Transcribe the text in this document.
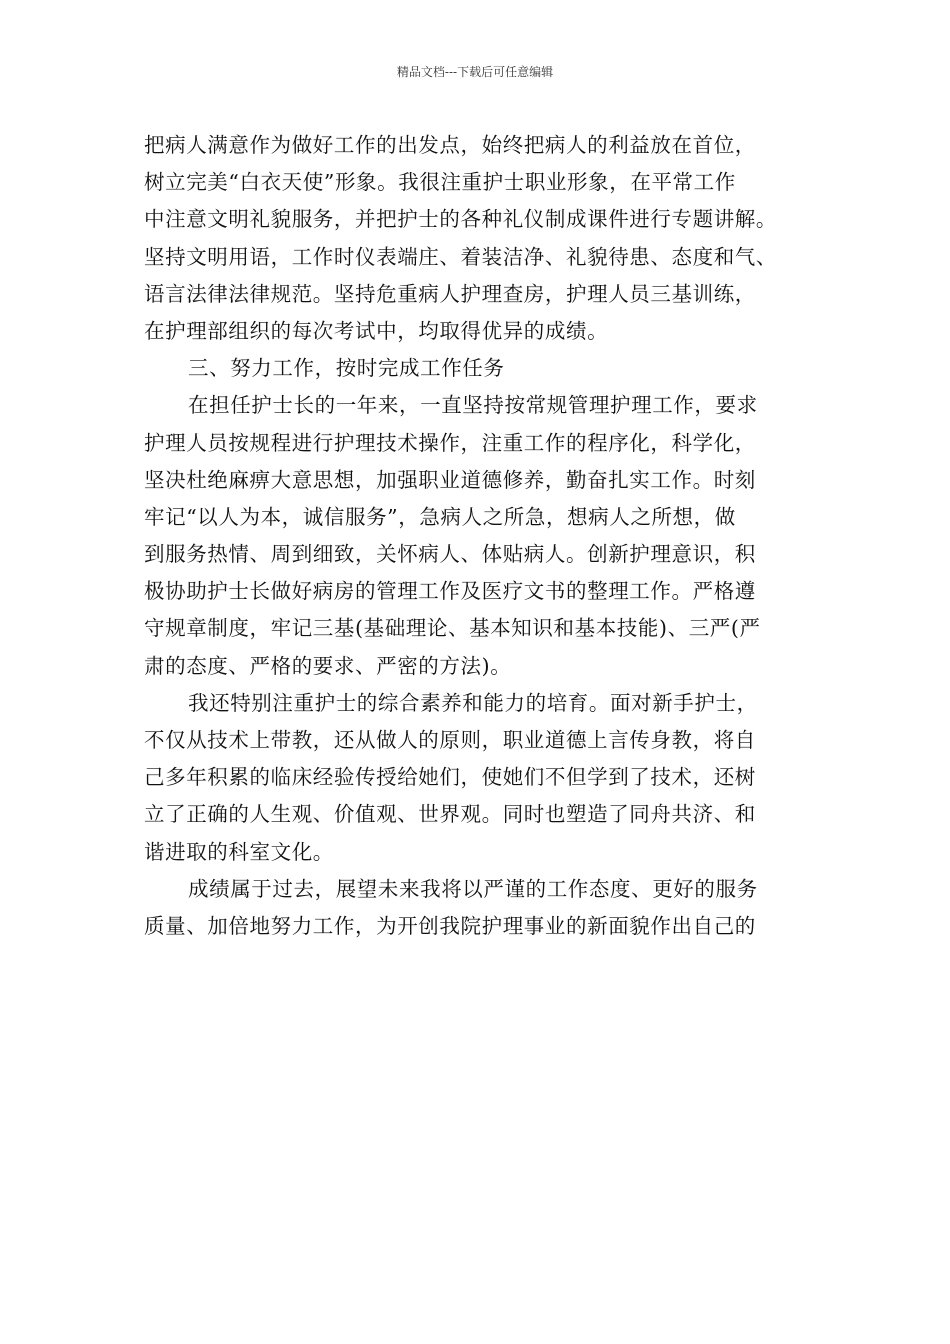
精品文档---下载后可任意编辑
把病人满意作为做好工作的出发点，始终把病人的利益放在首位，
树立完美“白衣天使”形象。我很注重护士职业形象，在平常工作
中注意文明礼貌服务，并把护士的各种礼仪制成课件进行专题讲解。
坚持文明用语，工作时仪表端庄、着装洁净、礼貌待患、态度和气、
语言法律法律规范。坚持危重病人护理查房，护理人员三基训练，
在护理部组织的每次考试中，均取得优异的成绩。
三、努力工作，按时完成工作任务
在担任护士长的一年来，一直坚持按常规管理护理工作，要求
护理人员按规程进行护理技术操作，注重工作的程序化，科学化，
坚决杜绝麻痹大意思想，加强职业道德修养，勤奋扎实工作。时刻
牢记“以人为本，诚信服务”，急病人之所急，想病人之所想，做
到服务热情、周到细致，关怀病人、体贴病人。创新护理意识，积
极协助护士长做好病房的管理工作及医疗文书的整理工作。严格遵
守规章制度，牢记三基(基础理论、基本知识和基本技能)、三严(严
肃的态度、严格的要求、严密的方法)。
我还特别注重护士的综合素养和能力的培育。面对新手护士，
不仅从技术上带教，还从做人的原则，职业道德上言传身教，将自
己多年积累的临床经验传授给她们，使她们不但学到了技术，还树
立了正确的人生观、价值观、世界观。同时也塑造了同舟共济、和
谐进取的科室文化。
成绩属于过去，展望未来我将以严谨的工作态度、更好的服务
质量、加倍地努力工作，为开创我院护理事业的新面貌作出自己的
